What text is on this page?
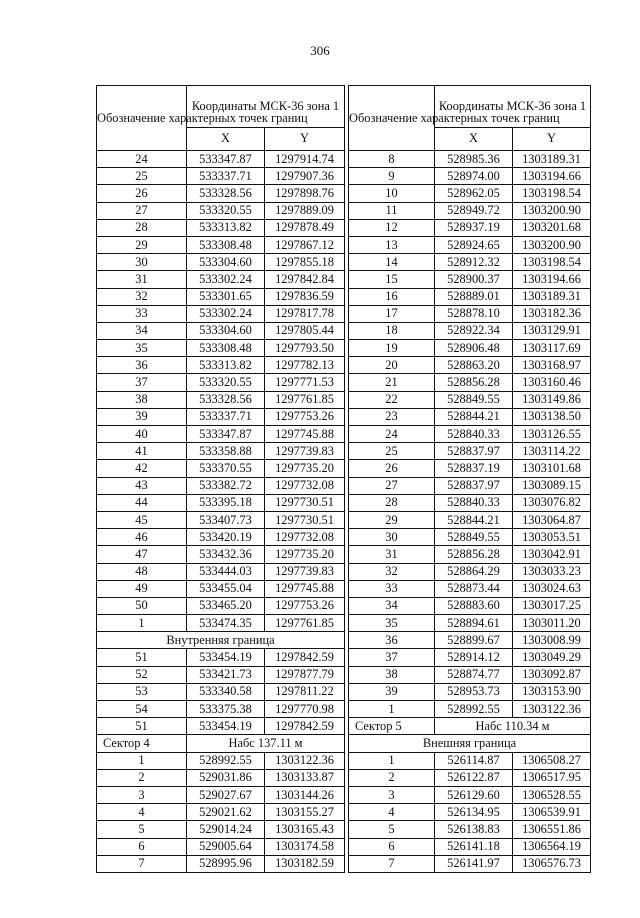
306
Обозначение характерных точек границ	Координаты МСК-36 зона 1	
	X	Y
24	533347.87	1297914.74
25	533337.71	1297907.36
26	533328.56	1297898.76
27	533320.55	1297889.09
28	533313.82	1297878.49
29	533308.48	1297867.12
30	533304.60	1297855.18
31	533302.24	1297842.84
32	533301.65	1297836.59
33	533302.24	1297817.78
34	533304.60	1297805.44
35	533308.48	1297793.50
36	533313.82	1297782.13
37	533320.55	1297771.53
38	533328.56	1297761.85
39	533337.71	1297753.26
40	533347.87	1297745.88
41	533358.88	1297739.83
42	533370.55	1297735.20
43	533382.72	1297732.08
44	533395.18	1297730.51
45	533407.73	1297730.51
46	533420.19	1297732.08
47	533432.36	1297735.20
48	533444.03	1297739.83
49	533455.04	1297745.88
50	533465.20	1297753.26
1	533474.35	1297761.85
Внутренняя граница		
51	533454.19	1297842.59
52	533421.73	1297877.79
53	533340.58	1297811.22
54	533375.38	1297770.98
51	533454.19	1297842.59
Сектор 4	Набс 137.11 м	
1	528992.55	1303122.36
2	529031.86	1303133.87
3	529027.67	1303144.26
4	529021.62	1303155.27
5	529014.24	1303165.43
6	529005.64	1303174.58
7	528995.96	1303182.59
Обозначение характерных точек границ	Координаты МСК-36 зона 1	
	X	Y
8	528985.36	1303189.31
9	528974.00	1303194.66
10	528962.05	1303198.54
11	528949.72	1303200.90
12	528937.19	1303201.68
13	528924.65	1303200.90
14	528912.32	1303198.54
15	528900.37	1303194.66
16	528889.01	1303189.31
17	528878.10	1303182.36
18	528922.34	1303129.91
19	528906.48	1303117.69
20	528863.20	1303168.97
21	528856.28	1303160.46
22	528849.55	1303149.86
23	528844.21	1303138.50
24	528840.33	1303126.55
25	528837.97	1303114.22
26	528837.19	1303101.68
27	528837.97	1303089.15
28	528840.33	1303076.82
29	528844.21	1303064.87
30	528849.55	1303053.51
31	528856.28	1303042.91
32	528864.29	1303033.23
33	528873.44	1303024.63
34	528883.60	1303017.25
35	528894.61	1303011.20
36	528899.67	1303008.99
37	528914.12	1303049.29
38	528874.77	1303092.87
39	528953.73	1303153.90
1	528992.55	1303122.36
Сектор 5	Набс 110.34 м	
Внешняя граница		
1	526114.87	1306508.27
2	526122.87	1306517.95
3	526129.60	1306528.55
4	526134.95	1306539.91
5	526138.83	1306551.86
6	526141.18	1306564.19
7	526141.97	1306576.73
